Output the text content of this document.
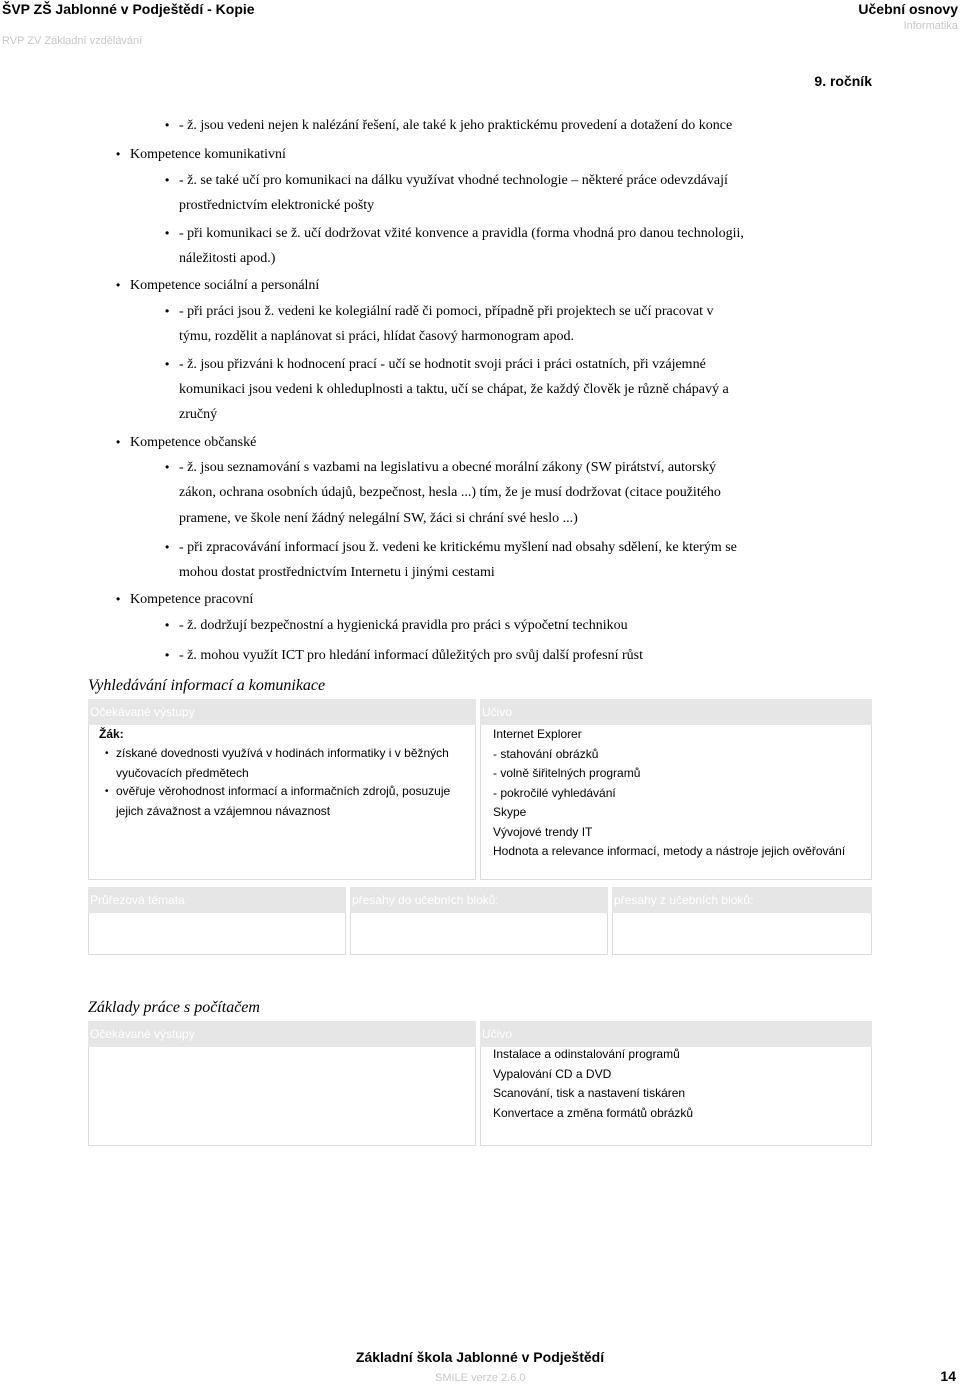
ŠVP ZŠ Jablonné v Podještědí - Kopie
RVP ZV Základní vzdělávání
Učební osnovy
Informatika
9. ročník
• - ž. jsou vedeni nejen k nalézání řešení, ale také k jeho praktickému provedení a dotažení do konce
• Kompetence komunikativní
• - ž. se také učí pro komunikaci na dálku využívat vhodné technologie – některé práce odevzdávají
prostřednictvím elektronické pošty
• - při komunikaci se ž. učí dodržovat vžité konvence a pravidla (forma vhodná pro danou technologii,
náležitosti apod.)
• Kompetence sociální a personální
• - při práci jsou ž. vedeni ke kolegiální radě či pomoci, případně při projektech se učí pracovat v
týmu, rozdělit a naplánovat si práci, hlídat časový harmonogram apod.
• - ž. jsou přizváni k hodnocení prací - učí se hodnotit svoji práci i práci ostatních, při vzájemné
komunikaci jsou vedeni k ohleduplnosti a taktu, učí se chápat, že každý člověk je různě chápavý a
zručný
• Kompetence občanské
• - ž. jsou seznamování s vazbami na legislativu a obecné morální zákony (SW pirátství, autorský
zákon, ochrana osobních údajů, bezpečnost, hesla ...) tím, že je musí dodržovat (citace použitého
pramene, ve škole není žádný nelegální SW, žáci si chrání své heslo ...)
• - při zpracovávání informací jsou ž. vedeni ke kritickému myšlení nad obsahy sdělení, ke kterým se
mohou dostat prostřednictvím Internetu i jinými cestami
• Kompetence pracovní
• - ž. dodržují bezpečnostní a hygienická pravidla pro práci s výpočetní technikou
• - ž. mohou využít ICT pro hledání informací důležitých pro svůj další profesní růst
Vyhledávání informací a komunikace
Očekávané výstupy	Učivo
Žák:
• získané dovednosti využívá v hodinách informatiky i v běžných
vyučovacích předmětech
• ověřuje věrohodnost informací a informačních zdrojů, posuzuje
jejich závažnost a vzájemnou návaznost
Internet Explorer
- stahování obrázků
- volně šiřitelných programů
- pokročilé vyhledávání
Skype
Vývojové trendy IT
Hodnota a relevance informací, metody a nástroje jejich ověřování
Průřezová témata	přesahy do učebních bloků:	přesahy z učebních bloků:
Základy práce s počítačem
Očekávané výstupy	Učivo
Instalace a odinstalování programů
Vypalování CD a DVD
Scanování, tisk a nastavení tiskáren
Konvertace a změna formátů obrázků
Základní škola Jablonné v Podještědí
SMILE verze 2.6.0	14
